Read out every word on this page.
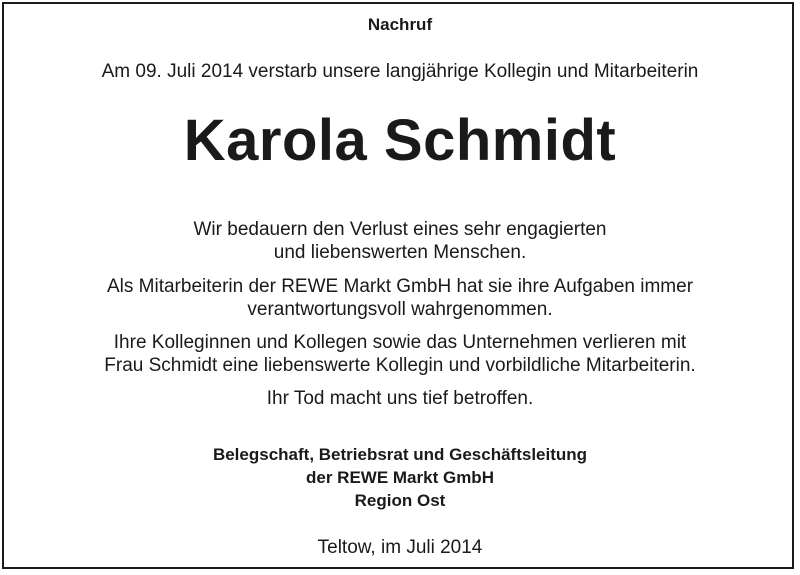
Nachruf
Am 09. Juli 2014 verstarb unsere langjährige Kollegin und Mitarbeiterin
Karola Schmidt
Wir bedauern den Verlust eines sehr engagierten
und liebenswerten Menschen.
Als Mitarbeiterin der REWE Markt GmbH hat sie ihre Aufgaben immer
verantwortungsvoll wahrgenommen.
Ihre Kolleginnen und Kollegen sowie das Unternehmen verlieren mit
Frau Schmidt eine liebenswerte Kollegin und vorbildliche Mitarbeiterin.
Ihr Tod macht uns tief betroffen.
Belegschaft, Betriebsrat und Geschäftsleitung
der REWE Markt GmbH
Region Ost
Teltow, im Juli 2014
